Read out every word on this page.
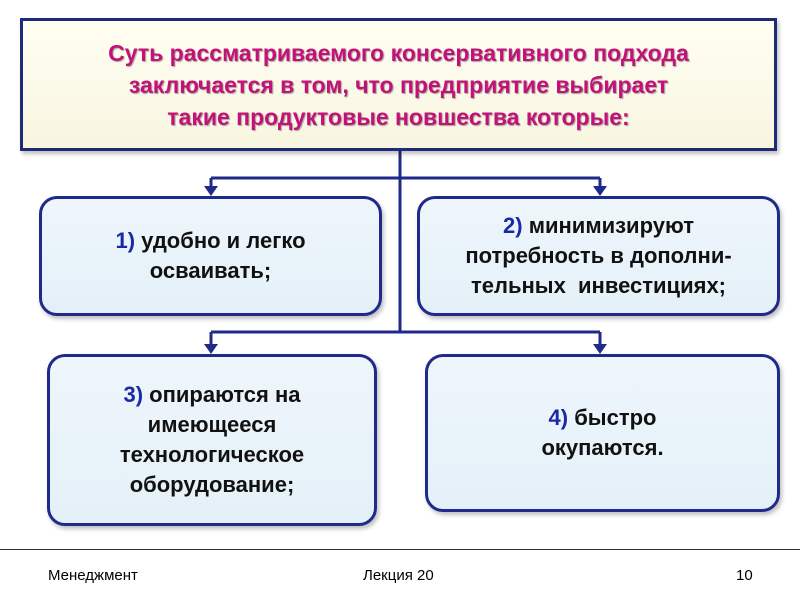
Суть рассматриваемого консервативного подхода
заключается в том, что предприятие выбирает
такие продуктовые новшества которые:
1) удобно и легко
осваивать;
2) минимизируют
потребность в дополни-
тельных  инвестициях;
3) опираются на
имеющееся
технологическое
оборудование;
4) быстро
окупаются.
Менеджмент	Лекция 20	10
